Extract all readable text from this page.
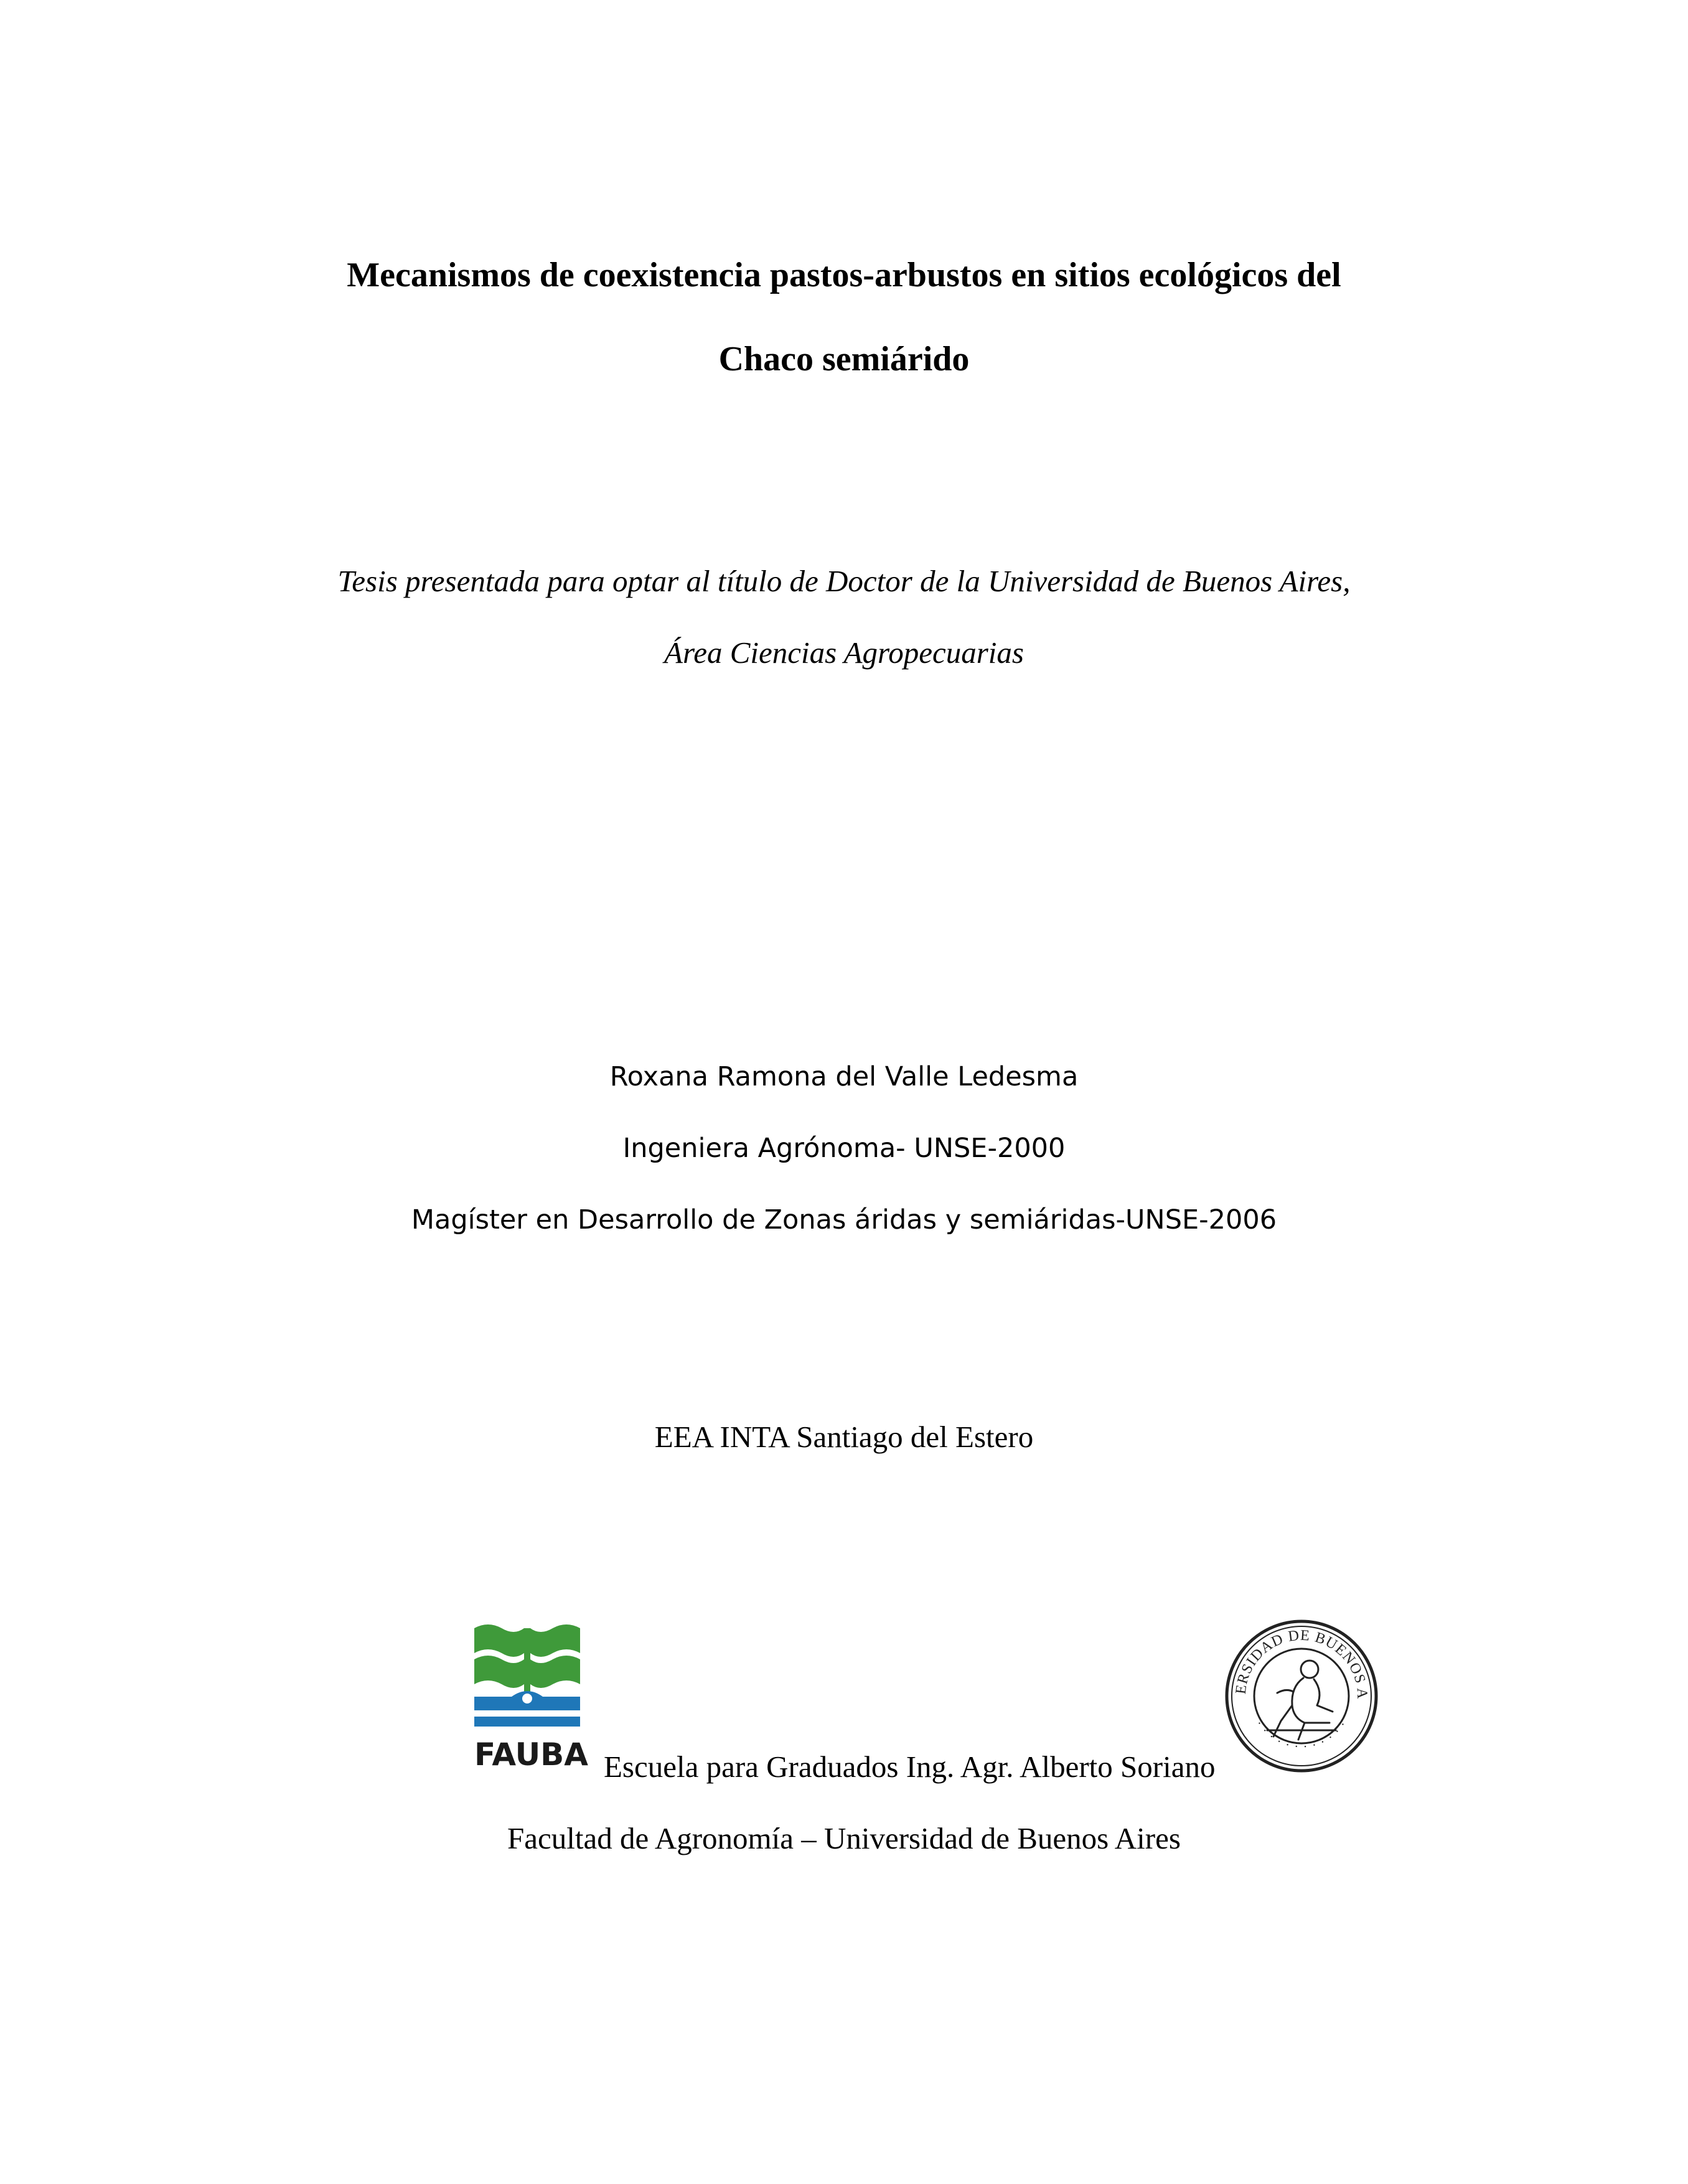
Mecanismos de coexistencia pastos-arbustos en sitios ecológicos del
Chaco semiárido
Tesis presentada para optar al título de Doctor de la Universidad de Buenos Aires,
Área Ciencias Agropecuarias
Roxana Ramona del Valle Ledesma
Ingeniera Agrónoma- UNSE-2000
Magíster en Desarrollo de Zonas áridas y semiáridas-UNSE-2006
EEA INTA Santiago del Estero
FAUBA
ERSIDAD DE BUENOS A
· · · · · · · · · · · ·
Escuela para Graduados Ing. Agr. Alberto Soriano
Facultad de Agronomía – Universidad de Buenos Aires
